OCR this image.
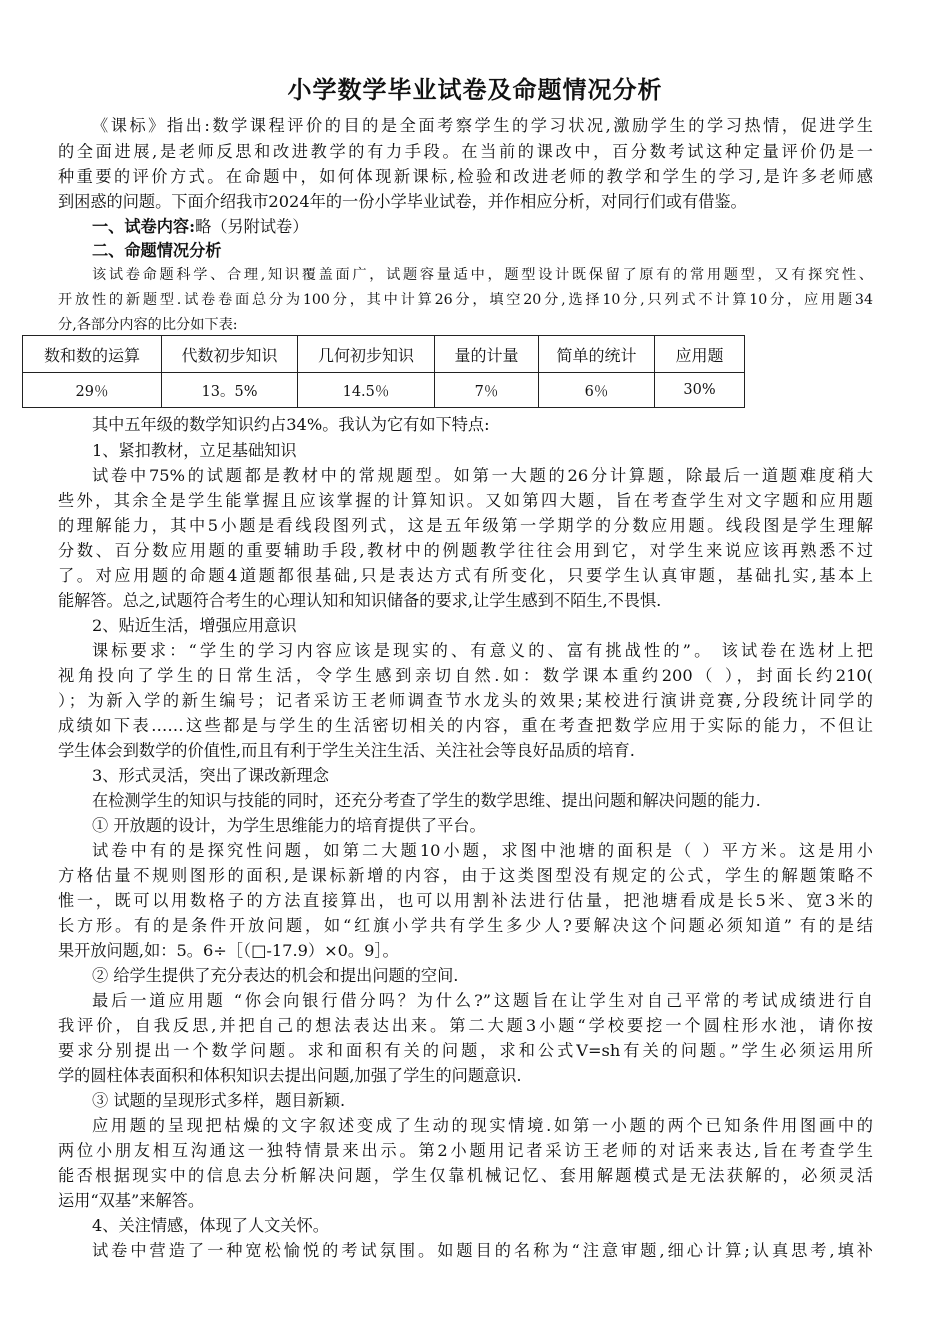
小学数学毕业试卷及命题情况分析
《课标》指出:数学课程评价的目的是全面考察学生的学习状况,激励学生的学习热情，促进学生
的全面进展,是老师反思和改进教学的有力手段。在当前的课改中，百分数考试这种定量评价仍是一
种重要的评价方式。在命题中，如何体现新课标,检验和改进老师的教学和学生的学习,是许多老师感
到困惑的问题。下面介绍我市2024年的一份小学毕业试卷，并作相应分析，对同行们或有借鉴。
一、试卷内容:略（另附试卷）
二、命题情况分析
该试卷命题科学、合理,知识覆盖面广，试题容量适中，题型设计既保留了原有的常用题型，又有探究性、
开放性的新题型.试卷卷面总分为100分，其中计算26分，填空20分,选择10分,只列式不计算10分，应用题34
分,各部分内容的比分如下表:
数和数的运算	代数初步知识	几何初步知识	量的计量	简单的统计	应用题
29％	13。5%	14.5％	7％	6％	30%
其中五年级的数学知识约占34%。我认为它有如下特点:
1、紧扣教材，立足基础知识
试卷中75%的试题都是教材中的常规题型。如第一大题的26分计算题，除最后一道题难度稍大
些外，其余全是学生能掌握且应该掌握的计算知识。又如第四大题，旨在考查学生对文字题和应用题
的理解能力，其中5小题是看线段图列式，这是五年级第一学期学的分数应用题。线段图是学生理解
分数、百分数应用题的重要辅助手段,教材中的例题教学往往会用到它，对学生来说应该再熟悉不过
了。对应用题的命题4道题都很基础,只是表达方式有所变化，只要学生认真审题，基础扎实,基本上
能解答。总之,试题符合考生的心理认知和知识储备的要求,让学生感到不陌生,不畏惧.
2、贴近生活，增强应用意识
课标要求：“学生的学习内容应该是现实的、有意义的、富有挑战性的”。 该试卷在选材上把
视角投向了学生的日常生活，令学生感到亲切自然.如：数学课本重约200（ ），封面长约210(
）；为新入学的新生编号；记者采访王老师调查节水龙头的效果;某校进行演讲竞赛,分段统计同学的
成绩如下表……这些都是与学生的生活密切相关的内容，重在考查把数学应用于实际的能力，不但让
学生体会到数学的价值性,而且有利于学生关注生活、关注社会等良好品质的培育.
3、形式灵活，突出了课改新理念
在检测学生的知识与技能的同时，还充分考查了学生的数学思维、提出问题和解决问题的能力.
① 开放题的设计，为学生思维能力的培育提供了平台。
试卷中有的是探究性问题，如第二大题10小题，求图中池塘的面积是（ ）平方米。这是用小
方格估量不规则图形的面积,是课标新增的内容，由于这类图型没有规定的公式，学生的解题策略不
惟一，既可以用数格子的方法直接算出，也可以用割补法进行估量，把池塘看成是长5米、宽3米的
长方形。有的是条件开放问题，如“红旗小学共有学生多少人?要解决这个问题必须知道” 有的是结
果开放问题,如：5。6÷［（□-17.9）×0。9］。
② 给学生提供了充分表达的机会和提出问题的空间.
最后一道应用题 “你会向银行借分吗？为什么?”这题旨在让学生对自己平常的考试成绩进行自
我评价，自我反思,并把自己的想法表达出来。第二大题3小题“学校要挖一个圆柱形水池，请你按
要求分别提出一个数学问题。求和面积有关的问题，求和公式V=sh有关的问题。”学生必须运用所
学的圆柱体表面积和体积知识去提出问题,加强了学生的问题意识.
③ 试题的呈现形式多样，题目新颖.
应用题的呈现把枯燥的文字叙述变成了生动的现实情境.如第一小题的两个已知条件用图画中的
两位小朋友相互沟通这一独特情景来出示。第2小题用记者采访王老师的对话来表达,旨在考查学生
能否根据现实中的信息去分析解决问题，学生仅靠机械记忆、套用解题模式是无法获解的，必须灵活
运用“双基”来解答。
4、关注情感，体现了人文关怀。
试卷中营造了一种宽松愉悦的考试氛围。如题目的名称为“注意审题,细心计算;认真思考,填补
